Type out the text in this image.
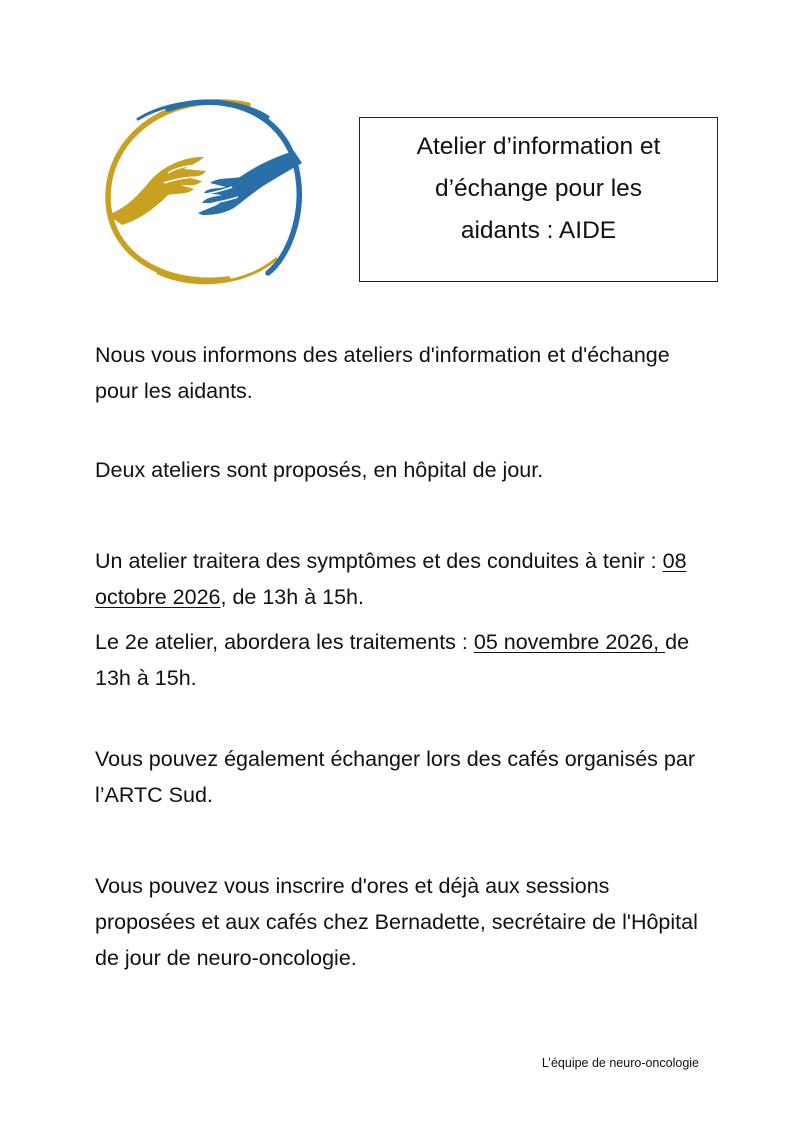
Atelier d’information et
d’échange pour les
aidants : AIDE

Nous vous informons des ateliers d'information et d'échange pour les aidants.

Deux ateliers sont proposés, en hôpital de jour.

Un atelier traitera des symptômes et des conduites à tenir : 08 octobre 2026, de 13h à 15h.

Le 2e atelier, abordera les traitements : 05 novembre 2026, de 13h à 15h.

Vous pouvez également échanger lors des cafés organisés par l’ARTC Sud.

Vous pouvez vous inscrire d'ores et déjà aux sessions proposées et aux cafés chez Bernadette, secrétaire de l'Hôpital de jour de neuro-oncologie.

L’équipe de neuro-oncologie
